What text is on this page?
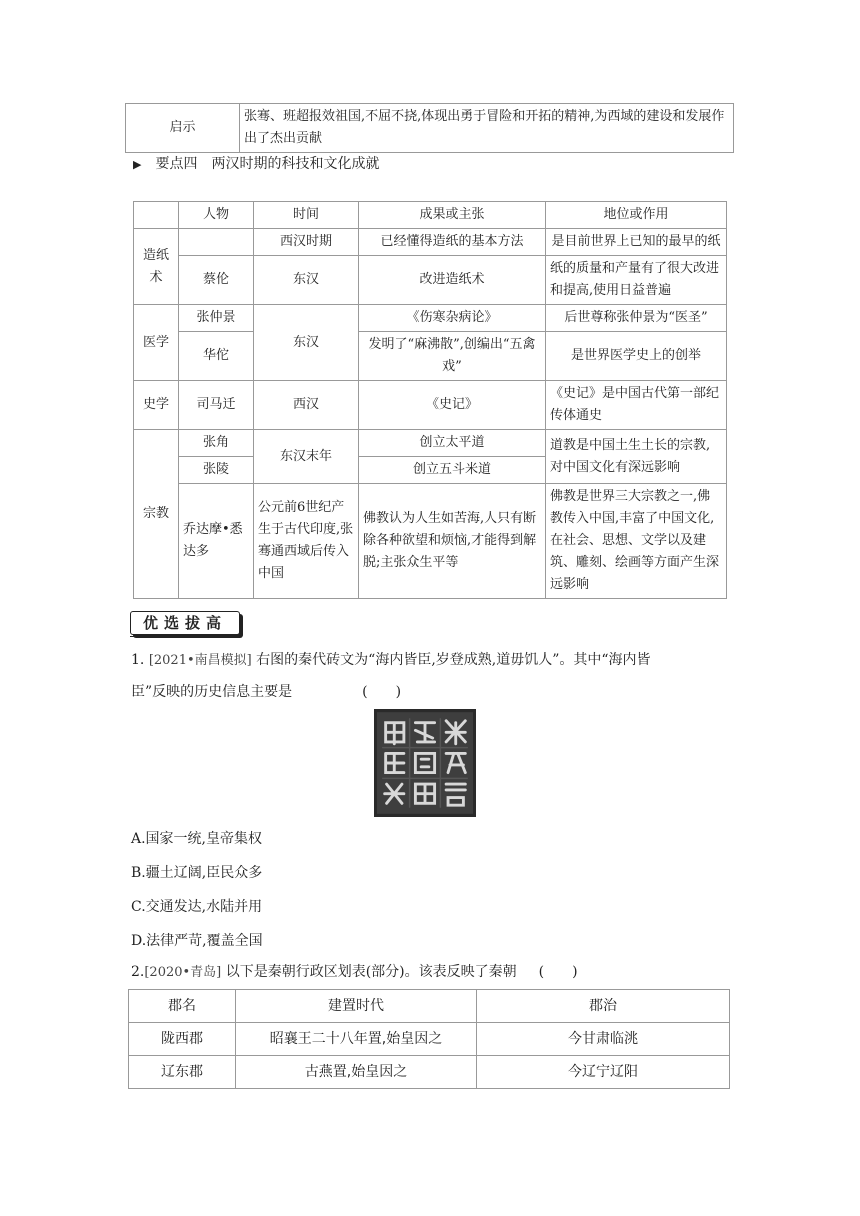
启示	张骞、班超报效祖国,不屈不挠,体现出勇于冒险和开拓的精神,为西域的建设和发展作出了杰出贡献
▶ 要点四 两汉时期的科技和文化成就
	人物	时间	成果或主张	地位或作用
造纸术		西汉时期	已经懂得造纸的基本方法	是目前世界上已知的最早的纸
	蔡伦	东汉	改进造纸术	纸的质量和产量有了很大改进和提高,使用日益普遍
医学	张仲景	东汉	《伤寒杂病论》	后世尊称张仲景为“医圣”
	华佗		发明了“麻沸散”,创编出“五禽戏”	是世界医学史上的创举
史学	司马迁	西汉	《史记》	《史记》是中国古代第一部纪传体通史
宗教	张角	东汉末年	创立太平道	道教是中国土生土长的宗教,对中国文化有深远影响
	张陵		创立五斗米道	
	乔达摩•悉达多	公元前6世纪产生于古代印度,张骞通西域后传入中国	佛教认为人生如苦海,人只有断除各种欲望和烦恼,才能得到解脱;主张众生平等	佛教是世界三大宗教之一,佛教传入中国,丰富了中国文化,在社会、思想、文学以及建筑、雕刻、绘画等方面产生深远影响
优选拔高
1. [2021•南昌模拟] 右图的秦代砖文为“海内皆臣,岁登成熟,道毋饥人”。其中“海内皆
臣”反映的历史信息主要是	(　　)
A.国家一统,皇帝集权
B.疆土辽阔,臣民众多
C.交通发达,水陆并用
D.法律严苛,覆盖全国
2.[2020•青岛] 以下是秦朝行政区划表(部分)。该表反映了秦朝 (　　)
郡名	建置时代	郡治
陇西郡	昭襄王二十八年置,始皇因之	今甘肃临洮
辽东郡	古燕置,始皇因之	今辽宁辽阳
